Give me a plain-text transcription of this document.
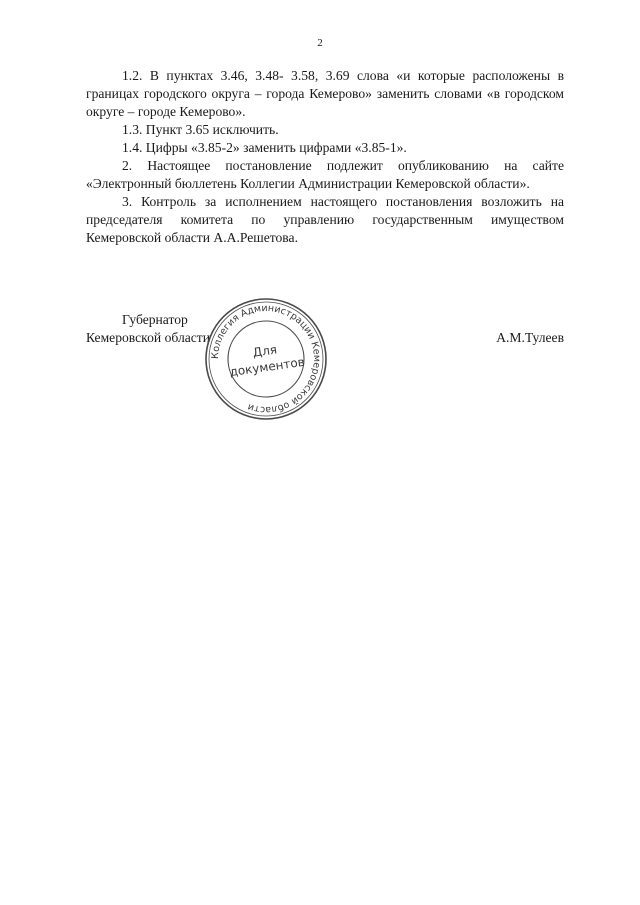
2

1.2. В пунктах 3.46, 3.48- 3.58, 3.69 слова «и которые расположены в границах городского округа – города Кемерово» заменить словами «в городском округе – городе Кемерово».

1.3. Пункт 3.65 исключить.

1.4. Цифры «3.85-2» заменить цифрами «3.85-1».

2. Настоящее постановление подлежит опубликованию на сайте «Электронный бюллетень Коллегии Администрации Кемеровской области».

3. Контроль за исполнением настоящего постановления возложить на председателя комитета по управлению государственным имуществом Кемеровской области А.А.Решетова.

Губернатор
Кемеровской области	А.М.Тулеев
Коллегия Администрации Кемеровской области
Для
документов
